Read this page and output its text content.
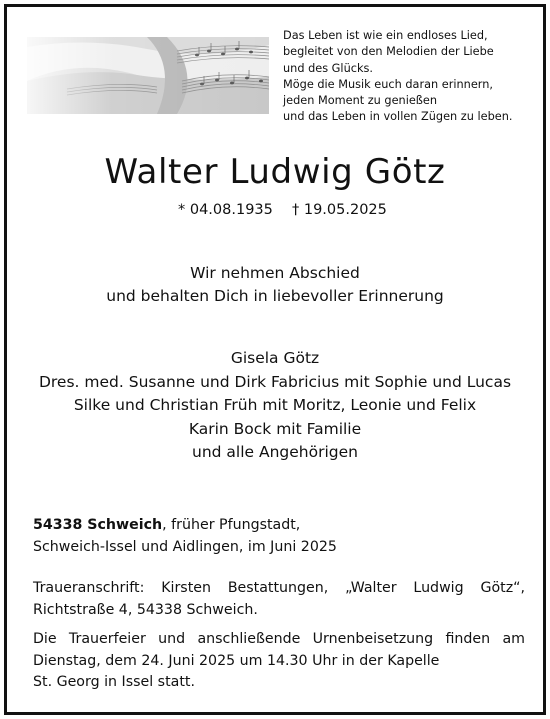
Das Leben ist wie ein endloses Lied,
begleitet von den Melodien der Liebe
und des Glücks.
Möge die Musik euch daran erinnern,
jeden Moment zu genießen
und das Leben in vollen Zügen zu leben.
Walter Ludwig Götz
* 04.08.1935 † 19.05.2025
Wir nehmen Abschied
und behalten Dich in liebevoller Erinnerung
Gisela Götz
Dres. med. Susanne und Dirk Fabricius mit Sophie und Lucas
Silke und Christian Früh mit Moritz, Leonie und Felix
Karin Bock mit Familie
und alle Angehörigen
54338 Schweich, früher Pfungstadt,
Schweich-Issel und Aidlingen, im Juni 2025
Traueranschrift: Kirsten Bestattungen, „Walter Ludwig Götz“,
Richtstraße 4, 54338 Schweich.
Die Trauerfeier und anschließende Urnenbeisetzung finden am
Dienstag, dem 24. Juni 2025 um 14.30 Uhr in der Kapelle
St. Georg in Issel statt.
